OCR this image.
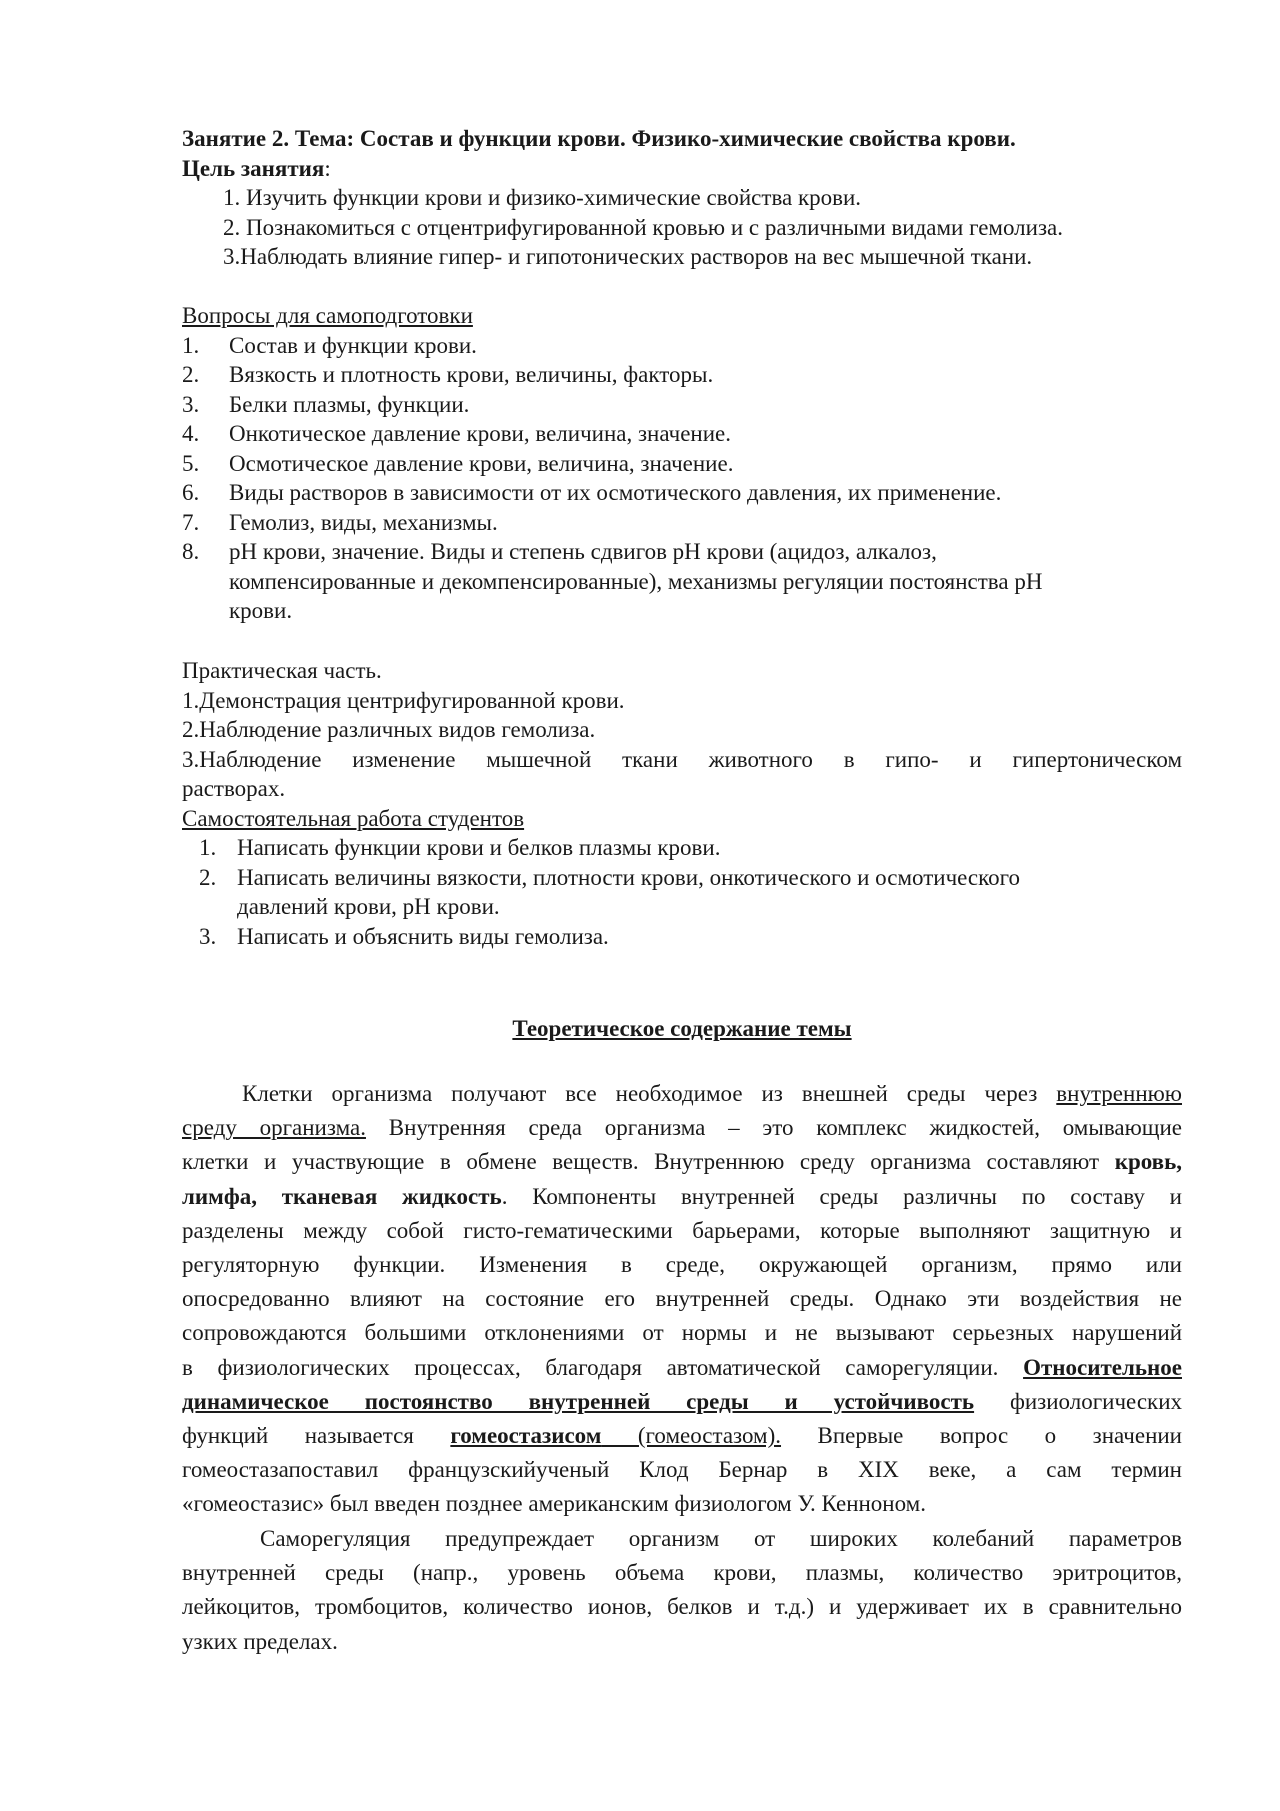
Занятие 2. Тема: Состав и функции крови. Физико-химические свойства крови.
Цель занятия:
1. Изучить функции крови и физико-химические свойства крови.
2. Познакомиться с отцентрифугированной кровью и с различными видами гемолиза.
3.Наблюдать влияние гипер- и гипотонических растворов на вес мышечной ткани.
Вопросы для самоподготовки
1. Состав и функции крови.
2. Вязкость и плотность крови, величины, факторы.
3. Белки плазмы, функции.
4. Онкотическое давление крови, величина, значение.
5. Осмотическое давление крови, величина, значение.
6. Виды растворов в зависимости от их осмотического давления, их применение.
7. Гемолиз, виды, механизмы.
8. pH крови, значение. Виды и степень сдвигов pH крови (ацидоз, алкалоз,
компенсированные и декомпенсированные), механизмы регуляции постоянства pH
крови.
Практическая часть.
1.Демонстрация центрифугированной крови.
2.Наблюдение различных видов гемолиза.
3.Наблюдение изменение мышечной ткани животного в гипо- и гипертоническом
растворах.
Самостоятельная работа студентов
1. Написать функции крови и белков плазмы крови.
2. Написать величины вязкости, плотности крови, онкотического и осмотического
давлений крови, pH крови.
3. Написать и объяснить виды гемолиза.
Теоретическое содержание темы
Клетки организма получают все необходимое из внешней среды через внутреннюю
среду организма. Внутренняя среда организма – это комплекс жидкостей, омывающие
клетки и участвующие в обмене веществ. Внутреннюю среду организма составляют кровь,
лимфа, тканевая жидкость. Компоненты внутренней среды различны по составу и
разделены между собой гисто-гематическими барьерами, которые выполняют защитную и
регуляторную функции. Изменения в среде, окружающей организм, прямо или
опосредованно влияют на состояние его внутренней среды. Однако эти воздействия не
сопровождаются большими отклонениями от нормы и не вызывают серьезных нарушений
в физиологических процессах, благодаря автоматической саморегуляции. Относительное
динамическое постоянство внутренней среды и устойчивость физиологических
функций называется гомеостазисом (гомеостазом). Впервые вопрос о значении
гомеостазапоставил французскийученый Клод Бернар в XIX веке, а сам термин
«гомеостазис» был введен позднее американским физиологом У. Кенноном.
Саморегуляция предупреждает организм от широких колебаний параметров
внутренней среды (напр., уровень объема крови, плазмы, количество эритроцитов,
лейкоцитов, тромбоцитов, количество ионов, белков и т.д.) и удерживает их в сравнительно
узких пределах.
